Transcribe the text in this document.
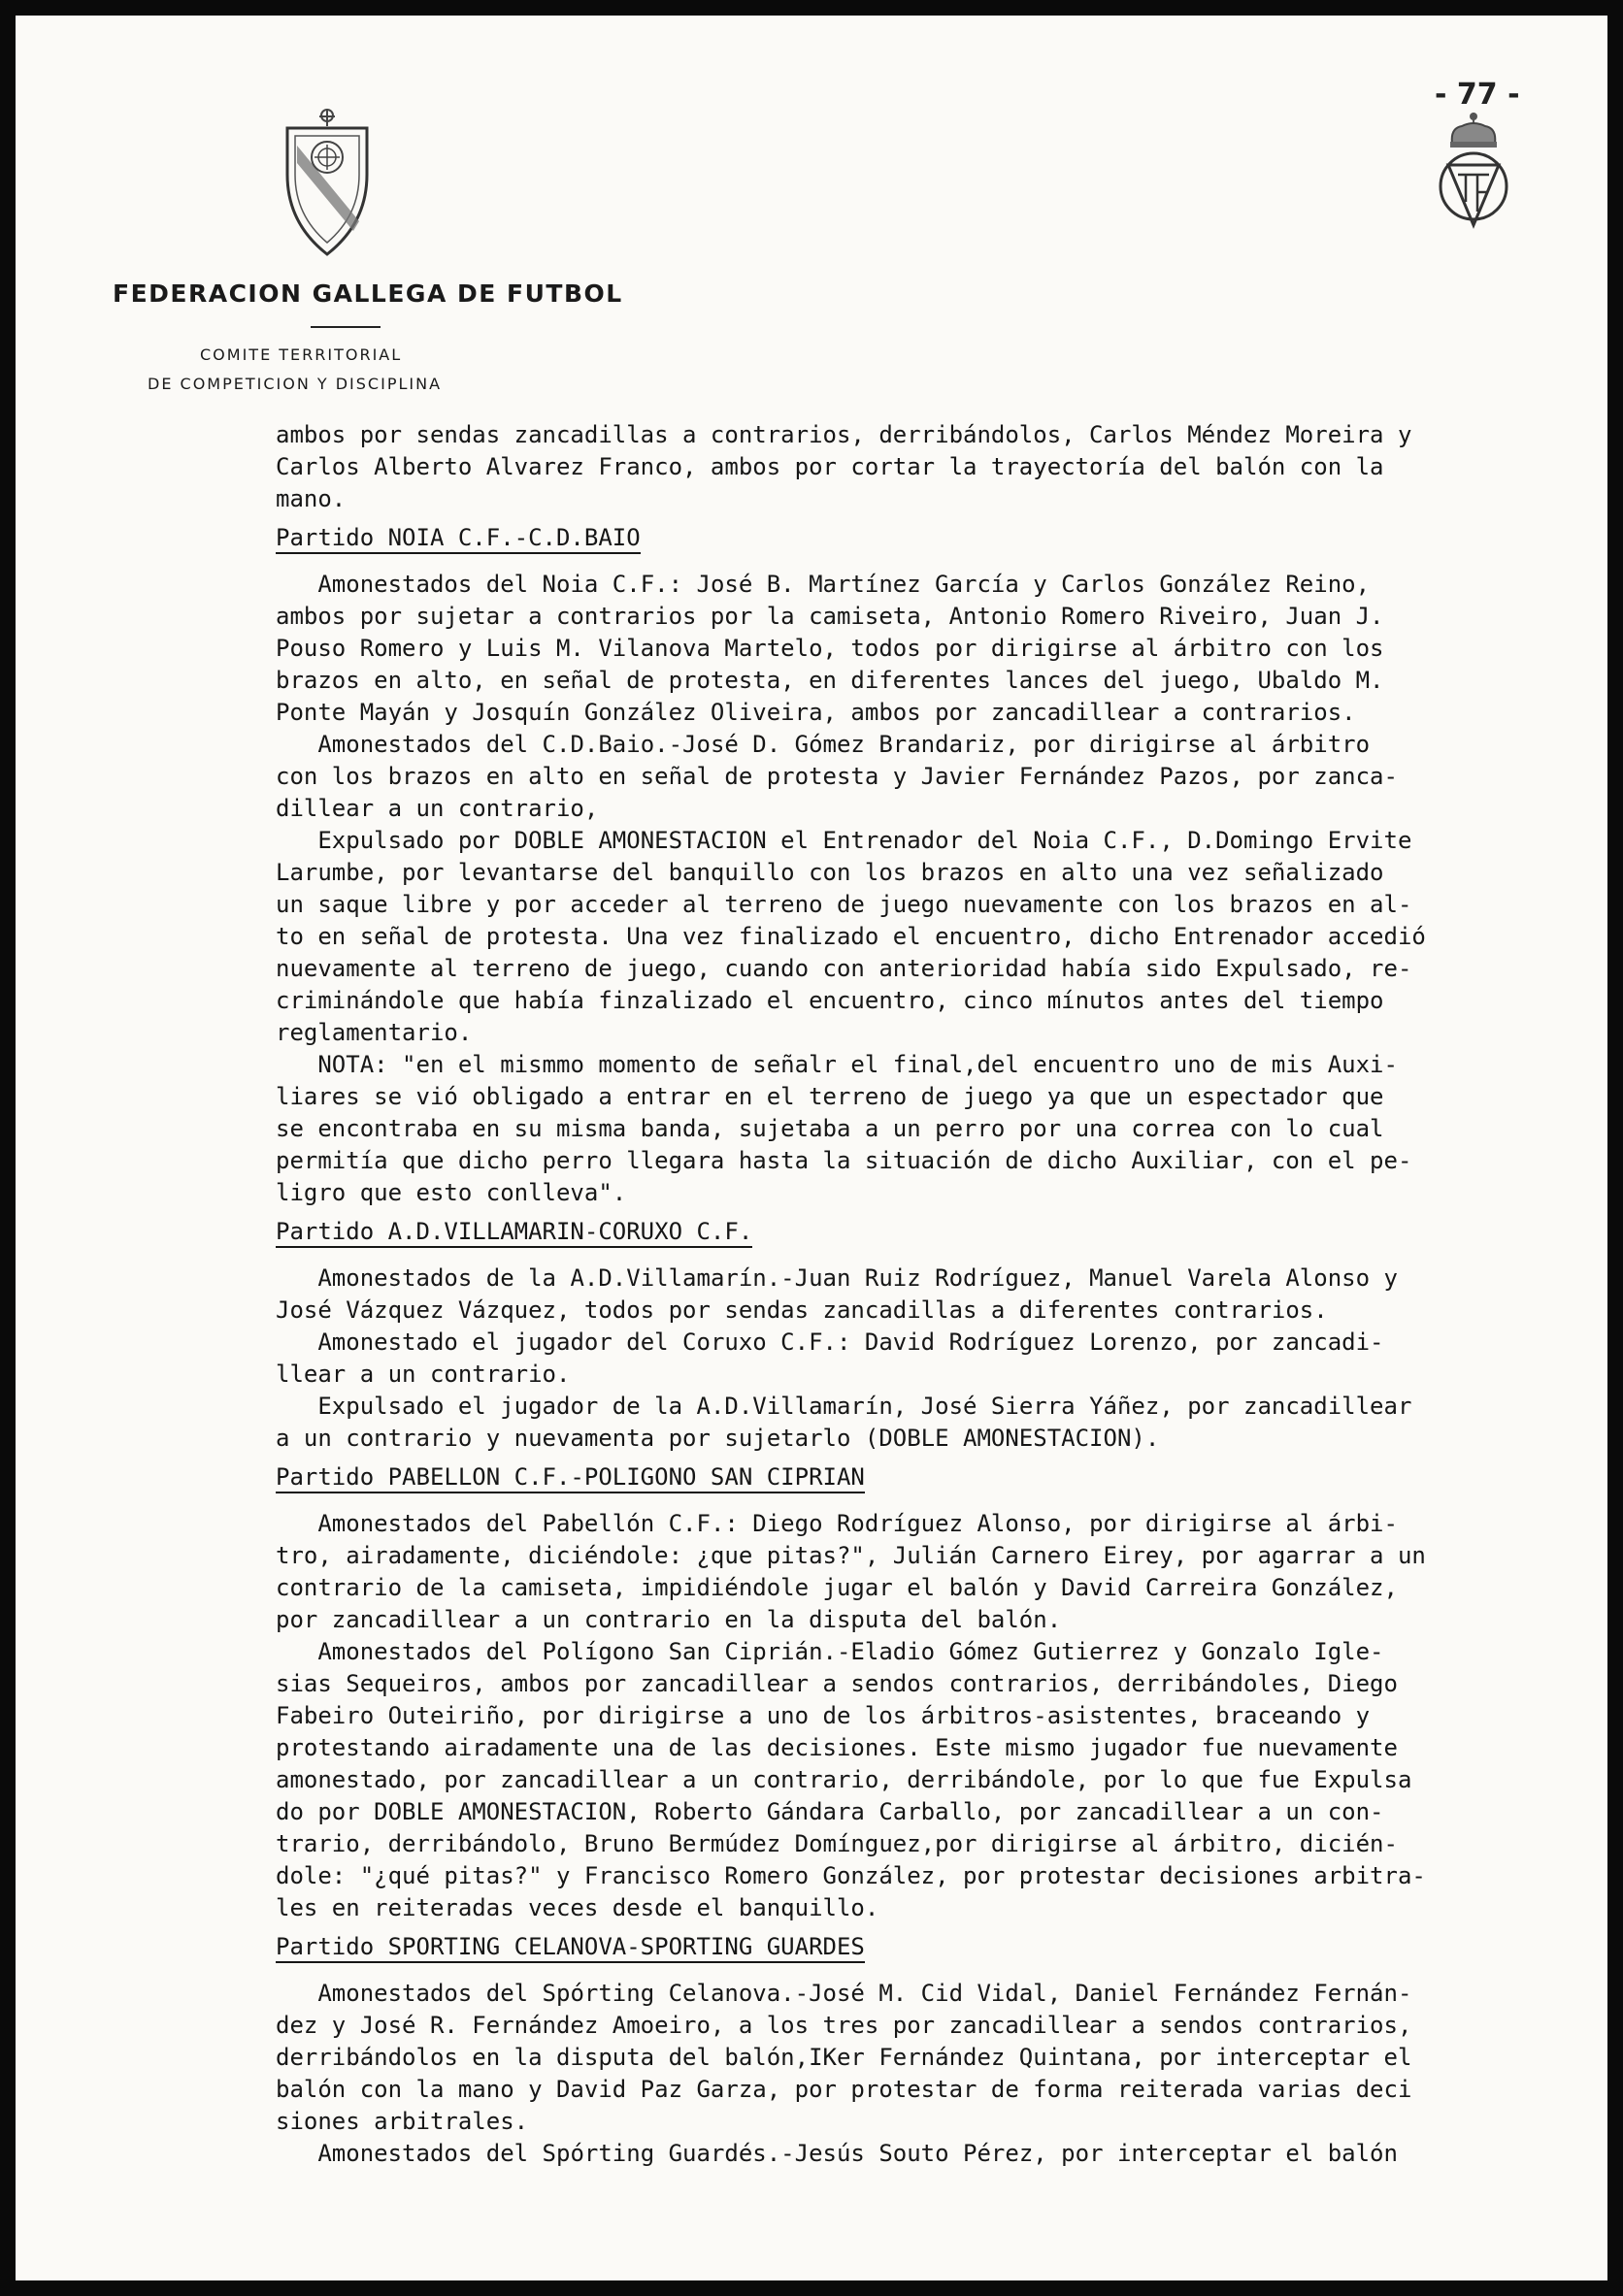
- 77 -
FEDERACION GALLEGA DE FUTBOL
COMITE TERRITORIAL
DE COMPETICION Y DISCIPLINA

ambos por sendas zancadillas a contrarios, derribándolos, Carlos Méndez Moreira y
Carlos Alberto Alvarez Franco, ambos por cortar la trayectoría del balón con la
mano.

Partido NOIA C.F.-C.D.BAIO

Amonestados del Noia C.F.: José B. Martínez García y Carlos González Reino,
ambos por sujetar a contrarios por la camiseta, Antonio Romero Riveiro, Juan J.
Pouso Romero y Luis M. Vilanova Martelo, todos por dirigirse al árbitro con los
brazos en alto, en señal de protesta, en diferentes lances del juego, Ubaldo M.
Ponte Mayán y Josquín González Oliveira, ambos por zancadillear a contrarios.

Amonestados del C.D.Baio.-José D. Gómez Brandariz, por dirigirse al árbitro
con los brazos en alto en señal de protesta y Javier Fernández Pazos, por zanca-
dillear a un contrario,

Expulsado por DOBLE AMONESTACION el Entrenador del Noia C.F., D.Domingo Ervite
Larumbe, por levantarse del banquillo con los brazos en alto una vez señalizado
un saque libre y por acceder al terreno de juego nuevamente con los brazos en al-
to en señal de protesta. Una vez finalizado el encuentro, dicho Entrenador accedió
nuevamente al terreno de juego, cuando con anterioridad había sido Expulsado, re-
criminándole que había finzalizado el encuentro, cinco mínutos antes del tiempo
reglamentario.

NOTA: "en el mismmo momento de señalr el final,del encuentro uno de mis Auxi-
liares se vió obligado a entrar en el terreno de juego ya que un espectador que
se encontraba en su misma banda, sujetaba a un perro por una correa con lo cual
permitía que dicho perro llegara hasta la situación de dicho Auxiliar, con el pe-
ligro que esto conlleva".

Partido A.D.VILLAMARIN-CORUXO C.F.

Amonestados de la A.D.Villamarín.-Juan Ruiz Rodríguez, Manuel Varela Alonso y
José Vázquez Vázquez, todos por sendas zancadillas a diferentes contrarios.

Amonestado el jugador del Coruxo C.F.: David Rodríguez Lorenzo, por zancadi-
llear a un contrario.

Expulsado el jugador de la A.D.Villamarín, José Sierra Yáñez, por zancadillear
a un contrario y nuevamenta por sujetarlo (DOBLE AMONESTACION).

Partido PABELLON C.F.-POLIGONO SAN CIPRIAN

Amonestados del Pabellón C.F.: Diego Rodríguez Alonso, por dirigirse al árbi-
tro, airadamente, diciéndole: ¿que pitas?", Julián Carnero Eirey, por agarrar a un
contrario de la camiseta, impidiéndole jugar el balón y David Carreira González,
por zancadillear a un contrario en la disputa del balón.

Amonestados del Polígono San Ciprián.-Eladio Gómez Gutierrez y Gonzalo Igle-
sias Sequeiros, ambos por zancadillear a sendos contrarios, derribándoles, Diego
Fabeiro Outeiriño, por dirigirse a uno de los árbitros-asistentes, braceando y
protestando airadamente una de las decisiones. Este mismo jugador fue nuevamente
amonestado, por zancadillear a un contrario, derribándole, por lo que fue Expulsa
do por DOBLE AMONESTACION, Roberto Gándara Carballo, por zancadillear a un con-
trario, derribándolo, Bruno Bermúdez Domínguez,por dirigirse al árbitro, dicién-
dole: "¿qué pitas?" y Francisco Romero González, por protestar decisiones arbitra-
les en reiteradas veces desde el banquillo.

Partido SPORTING CELANOVA-SPORTING GUARDES

Amonestados del Spórting Celanova.-José M. Cid Vidal, Daniel Fernández Fernán-
dez y José R. Fernández Amoeiro, a los tres por zancadillear a sendos contrarios,
derribándolos en la disputa del balón,IKer Fernández Quintana, por interceptar el
balón con la mano y David Paz Garza, por protestar de forma reiterada varias deci
siones arbitrales.

Amonestados del Spórting Guardés.-Jesús Souto Pérez, por interceptar el balón
